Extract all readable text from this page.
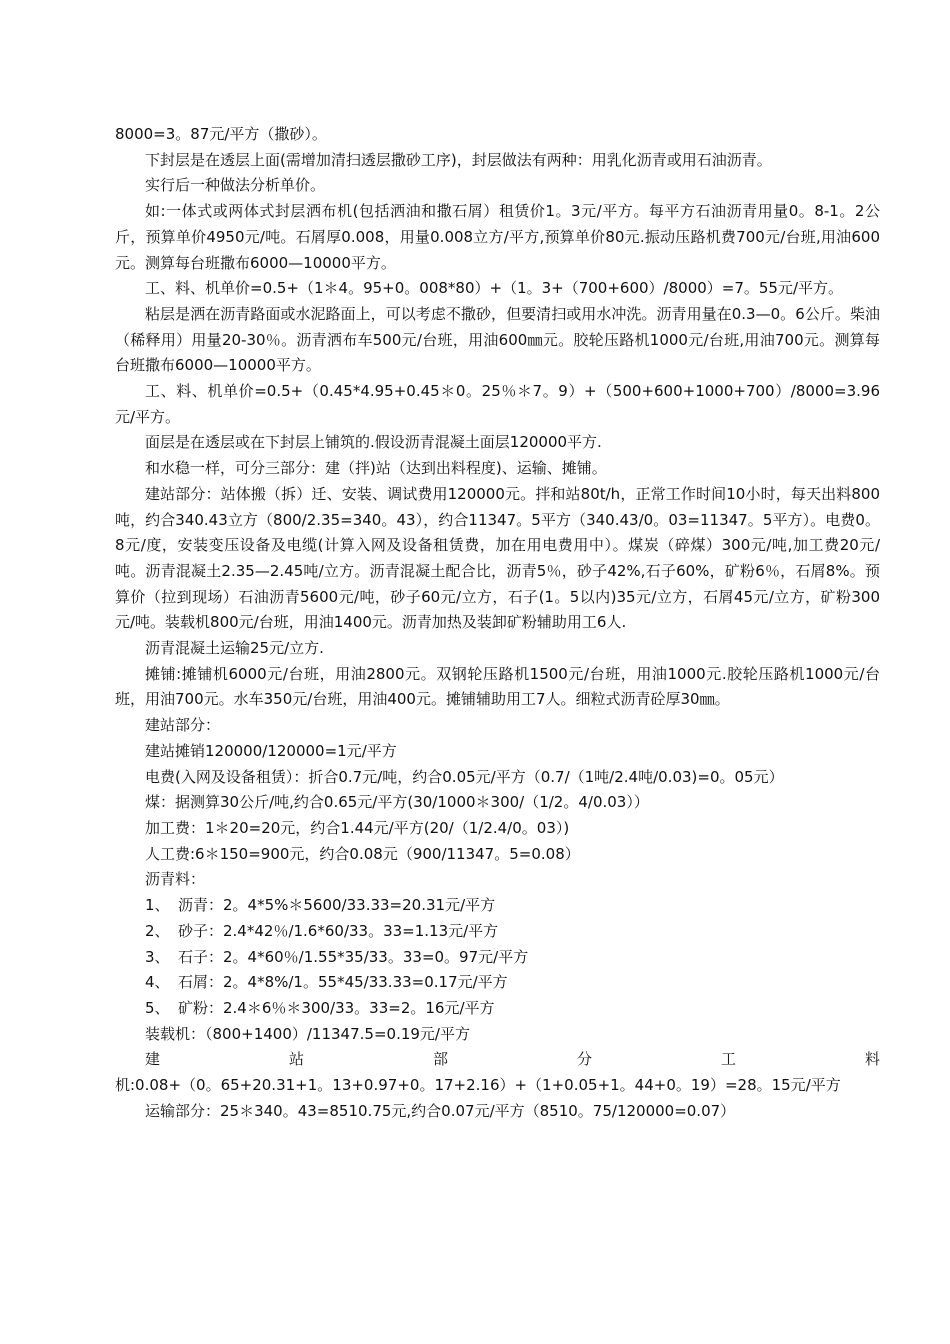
8000=3。87元/平方（撒砂）。

下封层是在透层上面(需增加清扫透层撒砂工序)，封层做法有两种：用乳化沥青或用石油沥青。

实行后一种做法分析单价。

如:一体式或两体式封层洒布机(包括洒油和撒石屑）租赁价1。3元/平方。每平方石油沥青用量0。8-1。2公斤，预算单价4950元/吨。石屑厚0.008，用量0.008立方/平方,预算单价80元.振动压路机费700元/台班,用油600元。测算每台班撒布6000—10000平方。

工、料、机单价=0.5+（1＊4。95+0。008*80）+（1。3+（700+600）/8000）=7。55元/平方。

粘层是洒在沥青路面或水泥路面上，可以考虑不撒砂，但要清扫或用水冲洗。沥青用量在0.3—0。6公斤。柴油（稀释用）用量20-30％。沥青洒布车500元/台班，用油600㎜元。胶轮压路机1000元/台班,用油700元。测算每台班撒布6000—10000平方。

工、料、机单价=0.5+（0.45*4.95+0.45＊0。25％＊7。9）+（500+600+1000+700）/8000=3.96元/平方。

面层是在透层或在下封层上铺筑的.假设沥青混凝土面层120000平方.

和水稳一样，可分三部分：建（拌)站（达到出料程度)、运输、摊铺。

建站部分：站体搬（拆）迁、安装、调试费用120000元。拌和站80t/h，正常工作时间10小时，每天出料800吨，约合340.43立方（800/2.35=340。43），约合11347。5平方（340.43/0。03=11347。5平方）。电费0。8元/度，安装变压设备及电缆(计算入网及设备租赁费，加在用电费用中）。煤炭（碎煤）300元/吨,加工费20元/吨。沥青混凝土2.35—2.45吨/立方。沥青混凝土配合比，沥青5％，砂子42%,石子60%，矿粉6％，石屑8%。预算价（拉到现场）石油沥青5600元/吨，砂子60元/立方，石子(1。5以内)35元/立方，石屑45元/立方，矿粉300元/吨。装载机800元/台班，用油1400元。沥青加热及装卸矿粉辅助用工6人.

沥青混凝土运输25元/立方.

摊铺:摊铺机6000元/台班，用油2800元。双钢轮压路机1500元/台班，用油1000元.胶轮压路机1000元/台班，用油700元。水车350元/台班，用油400元。摊铺辅助用工7人。细粒式沥青砼厚30㎜。

建站部分：

建站摊销120000/120000=1元/平方

电费(入网及设备租赁）：折合0.7元/吨，约合0.05元/平方（0.7/（1吨/2.4吨/0.03)=0。05元）

煤：据测算30公斤/吨,约合0.65元/平方(30/1000＊300/（1/2。4/0.03））

加工费：1＊20=20元，约合1.44元/平方(20/（1/2.4/0。03）)

人工费:6＊150=900元，约合0.08元（900/11347。5=0.08）

沥青料：

1、 沥青：2。4*5%＊5600/33.33=20.31元/平方

2、 砂子：2.4*42％/1.6*60/33。33=1.13元/平方

3、 石子：2。4*60％/1.55*35/33。33=0。97元/平方

4、 石屑：2。4*8%/1。55*45/33.33=0.17元/平方

5、 矿粉：2.4＊6％＊300/33。33=2。16元/平方

装载机：（800+1400）/11347.5=0.19元/平方

建	站	部	分	工	料

机:0.08+（0。65+20.31+1。13+0.97+0。17+2.16）+（1+0.05+1。44+0。19）=28。15元/平方

运输部分：25＊340。43=8510.75元,约合0.07元/平方（8510。75/120000=0.07）
